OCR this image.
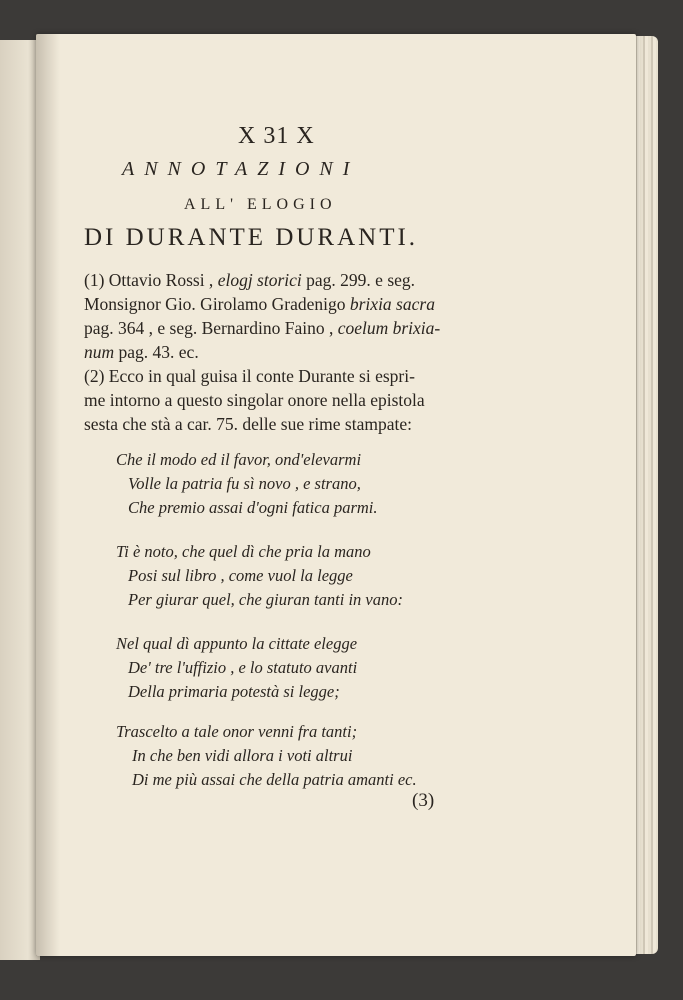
X 31 X
ANNOTAZIONI
ALL' ELOGIO
DI DURANTE DURANTI.
(1) Ottavio Rossi , elogj storici pag. 299. e seg.
Monsignor Gio. Girolamo Gradenigo brixia sacra
pag. 364 , e seg. Bernardino Faino , coelum brixia-
num pag. 43. ec.
(2) Ecco in qual guisa il conte Durante si espri-
me intorno a questo singolar onore nella epistola
sesta che stà a car. 75. delle sue rime stampate:
Che il modo ed il favor, ond'elevarmi
Volle la patria fu sì novo , e strano,
Che premio assai d'ogni fatica parmi.
Ti è noto, che quel dì che pria la mano
Posi sul libro , come vuol la legge
Per giurar quel, che giuran tanti in vano:
Nel qual dì appunto la cittate elegge
De' tre l'uffizio , e lo statuto avanti
Della primaria potestà si legge;
Trascelto a tale onor venni fra tanti;
In che ben vidi allora i voti altrui
Di me più assai che della patria amanti ec.
(3)
